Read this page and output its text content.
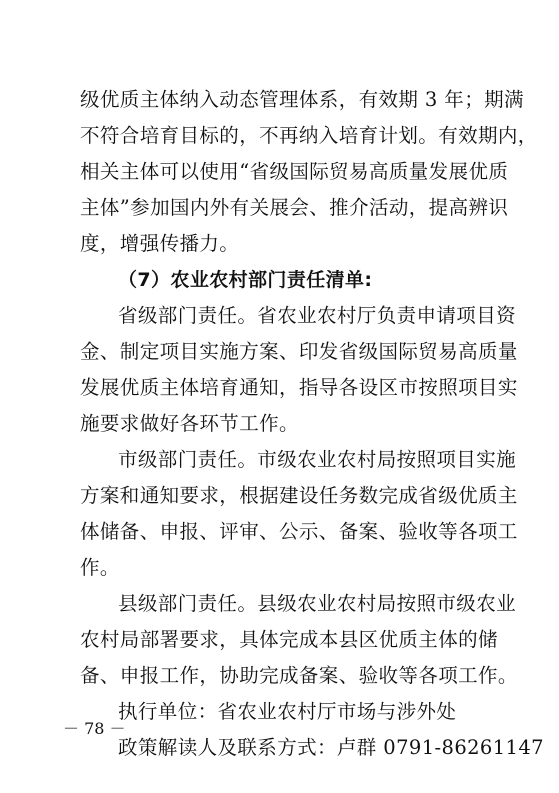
级优质主体纳入动态管理体系，有效期 3 年；期满
不符合培育目标的，不再纳入培育计划。有效期内，
相关主体可以使用“省级国际贸易高质量发展优质
主体”参加国内外有关展会、推介活动，提高辨识
度，增强传播力。
（7）农业农村部门责任清单:
省级部门责任。省农业农村厅负责申请项目资
金、制定项目实施方案、印发省级国际贸易高质量
发展优质主体培育通知，指导各设区市按照项目实
施要求做好各环节工作。
市级部门责任。市级农业农村局按照项目实施
方案和通知要求，根据建设任务数完成省级优质主
体储备、申报、评审、公示、备案、验收等各项工
作。
县级部门责任。县级农业农村局按照市级农业
农村局部署要求，具体完成本县区优质主体的储
备、申报工作，协助完成备案、验收等各项工作。
执行单位：省农业农村厅市场与涉外处
政策解读人及联系方式：卢群 0791-86261147
－ 78 －
